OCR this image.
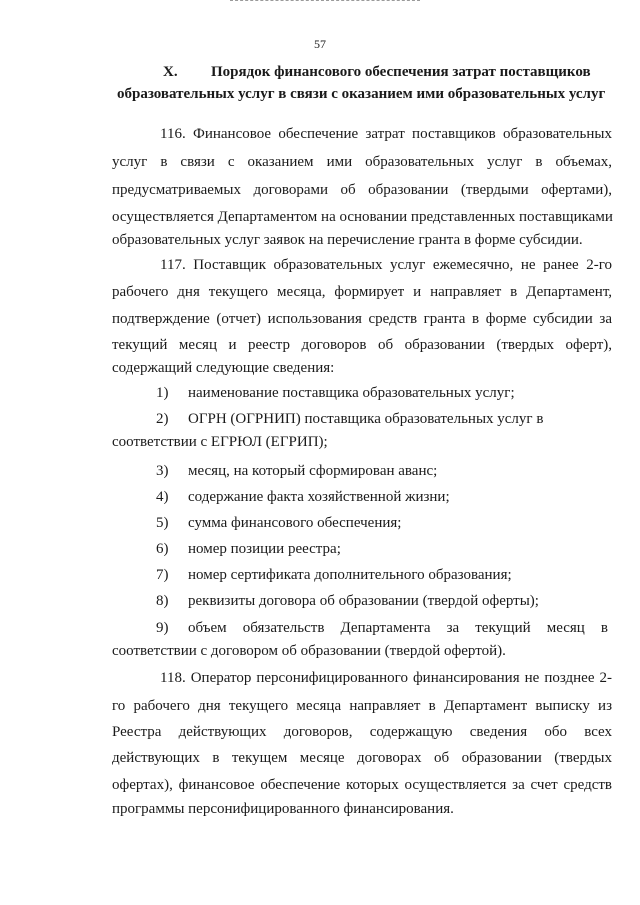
57
X. Порядок финансового обеспечения затрат поставщиков
образовательных услуг в связи с оказанием ими образовательных услуг
116. Финансовое обеспечение затрат поставщиков образовательных
услуг в связи с оказанием ими образовательных услуг в объемах,
предусматриваемых договорами об образовании (твердыми офертами),
осуществляется Департаментом на основании представленных поставщиками
образовательных услуг заявок на перечисление гранта в форме субсидии.
117. Поставщик образовательных услуг ежемесячно, не ранее 2-го
рабочего дня текущего месяца, формирует и направляет в Департамент,
подтверждение (отчет) использования средств гранта в форме субсидии за
текущий месяц и реестр договоров об образовании (твердых оферт),
содержащий следующие сведения:
1) наименование поставщика образовательных услуг;
2) ОГРН (ОГРНИП) поставщика образовательных услуг в
соответствии с ЕГРЮЛ (ЕГРИП);
3) месяц, на который сформирован аванс;
4) содержание факта хозяйственной жизни;
5) сумма финансового обеспечения;
6) номер позиции реестра;
7) номер сертификата дополнительного образования;
8) реквизиты договора об образовании (твердой оферты);
9) объем обязательств Департамента за текущий месяц в
соответствии с договором об образовании (твердой офертой).
118. Оператор персонифицированного финансирования не позднее 2-
го рабочего дня текущего месяца направляет в Департамент выписку из
Реестра действующих договоров, содержащую сведения обо всех
действующих в текущем месяце договорах об образовании (твердых
офертах), финансовое обеспечение которых осуществляется за счет средств
программы персонифицированного финансирования.
